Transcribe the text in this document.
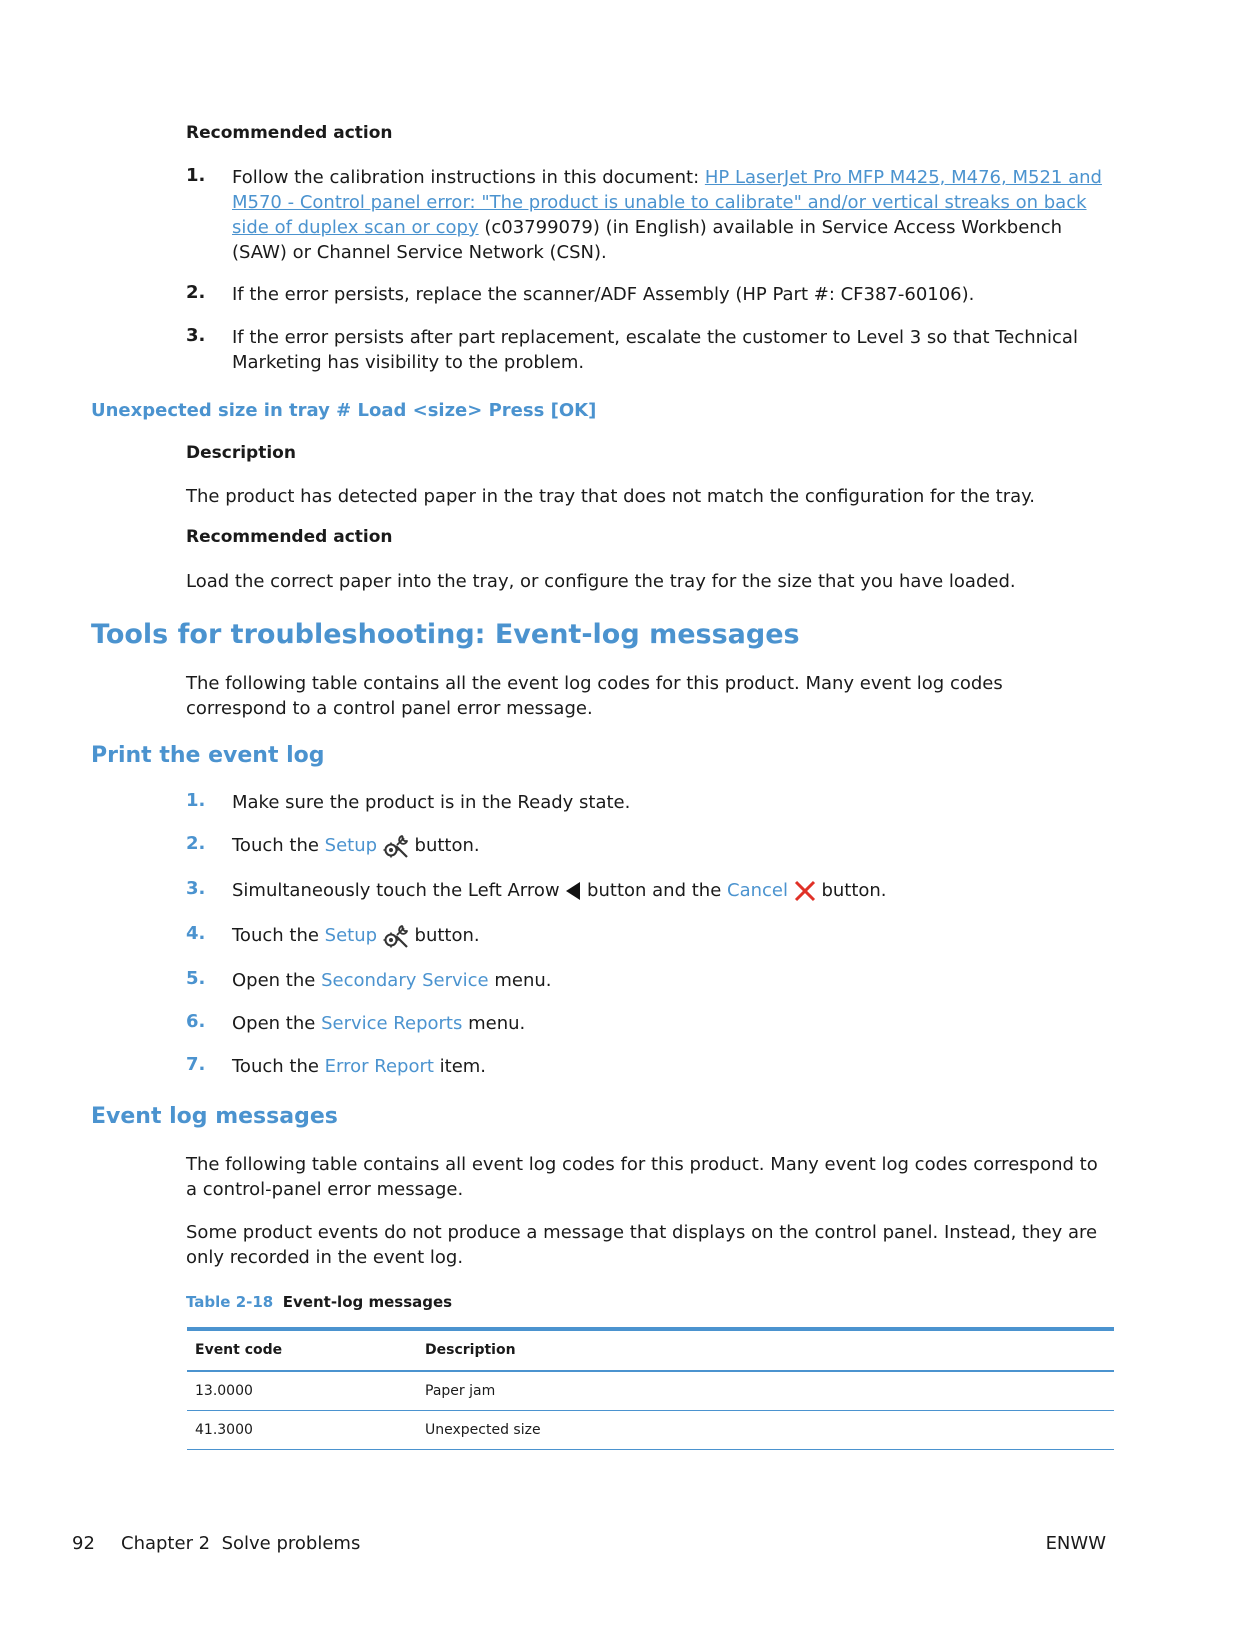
Recommended action
1. Follow the calibration instructions in this document: HP LaserJet Pro MFP M425, M476, M521 and M570 - Control panel error: "The product is unable to calibrate" and/or vertical streaks on back side of duplex scan or copy (c03799079) (in English) available in Service Access Workbench (SAW) or Channel Service Network (CSN).
2. If the error persists, replace the scanner/ADF Assembly (HP Part #: CF387-60106).
3. If the error persists after part replacement, escalate the customer to Level 3 so that Technical Marketing has visibility to the problem.
Unexpected size in tray # Load <size> Press [OK]
Description
The product has detected paper in the tray that does not match the configuration for the tray.
Recommended action
Load the correct paper into the tray, or configure the tray for the size that you have loaded.
Tools for troubleshooting: Event-log messages
The following table contains all the event log codes for this product. Many event log codes correspond to a control panel error message.
Print the event log
1. Make sure the product is in the Ready state.
2. Touch the Setup
button.
3. Simultaneously touch the Left Arrow
button and the Cancel
button.
4. Touch the Setup
button.
5. Open the Secondary Service menu.
6. Open the Service Reports menu.
7. Touch the Error Report item.
Event log messages
The following table contains all event log codes for this product. Many event log codes correspond to a control-panel error message.
Some product events do not produce a message that displays on the control panel. Instead, they are only recorded in the event log.
Table 2-18 Event-log messages
Event code	Description
13.0000	Paper jam
41.3000	Unexpected size
92 Chapter 2 Solve problems	ENWW
